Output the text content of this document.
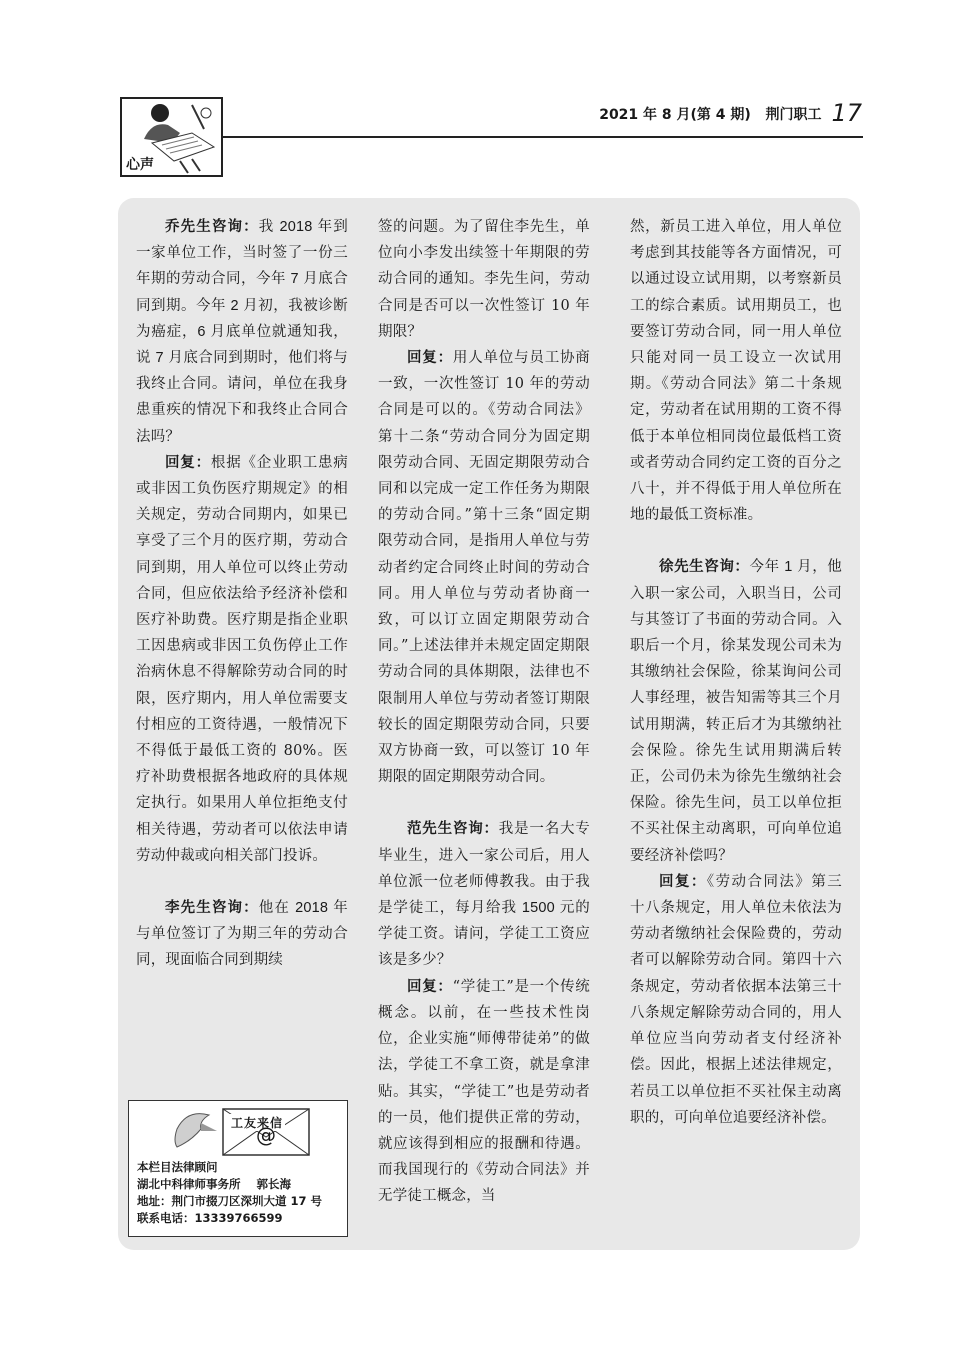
心声
2021 年 8 月(第 4 期)   荆门职工 17

乔先生咨询：我 2018 年到一家单位工作，当时签了一份三年期的劳动合同，今年 7 月底合同到期。今年 2 月初，我被诊断为癌症，6 月底单位就通知我，说 7 月底合同到期时，他们将与我终止合同。请问，单位在我身患重疾的情况下和我终止合同合法吗？

回复：根据《企业职工患病或非因工负伤医疗期规定》的相关规定，劳动合同期内，如果已享受了三个月的医疗期，劳动合同到期，用人单位可以终止劳动合同，但应依法给予经济补偿和医疗补助费。医疗期是指企业职工因患病或非因工负伤停止工作治病休息不得解除劳动合同的时限，医疗期内，用人单位需要支付相应的工资待遇，一般情况下不得低于最低工资的 80%。医疗补助费根据各地政府的具体规定执行。如果用人单位拒绝支付相关待遇，劳动者可以依法申请劳动仲裁或向相关部门投诉。

李先生咨询：他在 2018 年与单位签订了为期三年的劳动合同，现面临合同到期续

签的问题。为了留住李先生，单位向小李发出续签十年期限的劳动合同的通知。李先生问，劳动合同是否可以一次性签订 10 年期限？

回复：用人单位与员工协商一致，一次性签订 10 年的劳动合同是可以的。《劳动合同法》第十二条“劳动合同分为固定期限劳动合同、无固定期限劳动合同和以完成一定工作任务为期限的劳动合同。”第十三条“固定期限劳动合同，是指用人单位与劳动者约定合同终止时间的劳动合同。用人单位与劳动者协商一致，可以订立固定期限劳动合同。”上述法律并未规定固定期限劳动合同的具体期限，法律也不限制用人单位与劳动者签订期限较长的固定期限劳动合同，只要双方协商一致，可以签订 10 年期限的固定期限劳动合同。

范先生咨询：我是一名大专毕业生，进入一家公司后，用人单位派一位老师傅教我。由于我是学徒工，每月给我 1500 元的学徒工资。请问，学徒工工资应该是多少？

回复：“学徒工”是一个传统概念。以前，在一些技术性岗位，企业实施“师傅带徒弟”的做法，学徒工不拿工资，就是拿津贴。其实，“学徒工”也是劳动者的一员，他们提供正常的劳动，就应该得到相应的报酬和待遇。而我国现行的《劳动合同法》并无学徒工概念，当

然，新员工进入单位，用人单位考虑到其技能等各方面情况，可以通过设立试用期，以考察新员工的综合素质。试用期员工，也要签订劳动合同，同一用人单位只能对同一员工设立一次试用期。《劳动合同法》第二十条规定，劳动者在试用期的工资不得低于本单位相同岗位最低档工资或者劳动合同约定工资的百分之八十，并不得低于用人单位所在地的最低工资标准。

徐先生咨询：今年 1 月，他入职一家公司，入职当日，公司与其签订了书面的劳动合同。入职后一个月，徐某发现公司未为其缴纳社会保险，徐某询问公司人事经理，被告知需等其三个月试用期满，转正后才为其缴纳社会保险。徐先生试用期满后转正，公司仍未为徐先生缴纳社会保险。徐先生问，员工以单位拒不买社保主动离职，可向单位追要经济补偿吗？

回复：《劳动合同法》第三十八条规定，用人单位未依法为劳动者缴纳社会保险费的，劳动者可以解除劳动合同。第四十六条规定，劳动者依据本法第三十八条规定解除劳动合同的，用人单位应当向劳动者支付经济补偿。因此，根据上述法律规定，若员工以单位拒不买社保主动离职的，可向单位追要经济补偿。

工友来信
@
本栏目法律顾问
湖北中科律师事务所    郭长海
地址：荆门市掇刀区深圳大道 17 号
联系电话：13339766599
